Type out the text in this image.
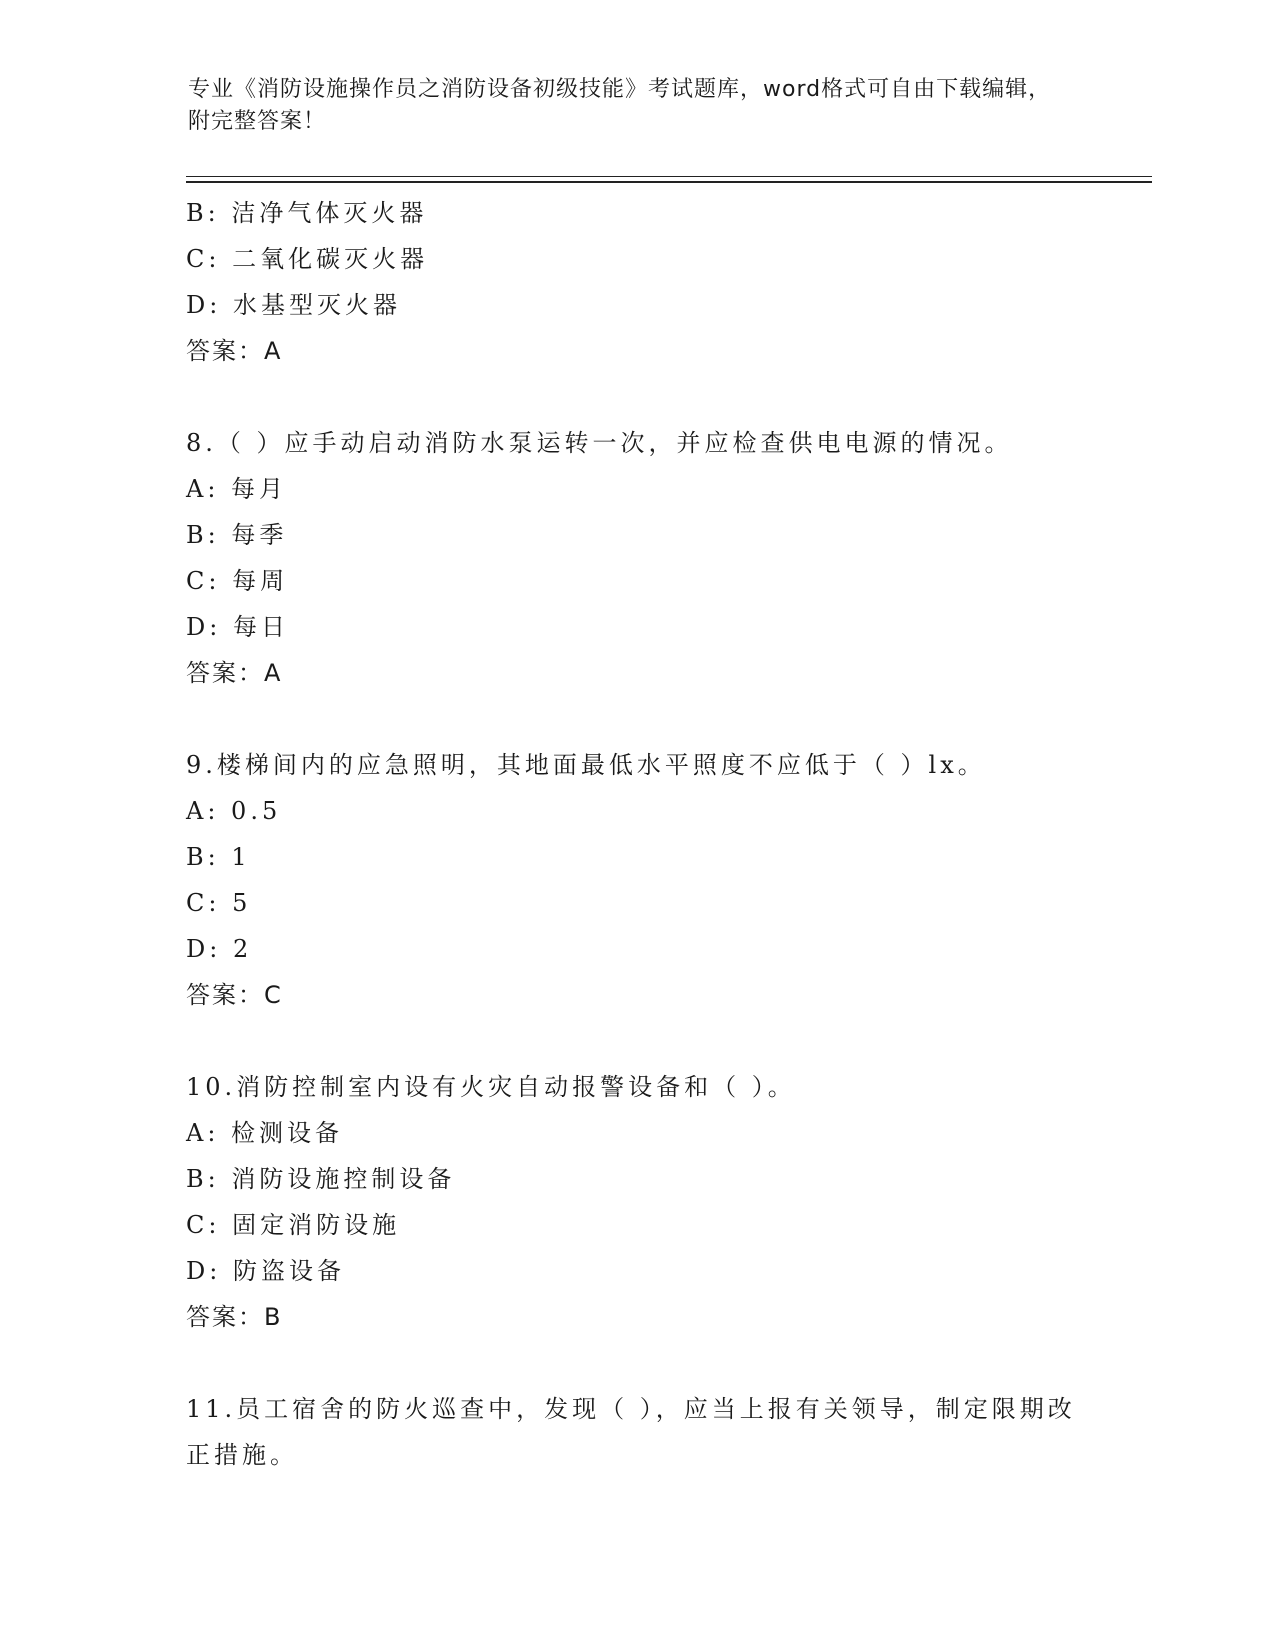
专业《消防设施操作员之消防设备初级技能》考试题库，word格式可自由下载编辑，附完整答案！
B: 洁净气体灭火器
C: 二氧化碳灭火器
D: 水基型灭火器
答案：A
8.（ ）应手动启动消防水泵运转一次，并应检查供电电源的情况。
A: 每月
B: 每季
C: 每周
D: 每日
答案：A
9.楼梯间内的应急照明，其地面最低水平照度不应低于（ ）lx。
A: 0.5
B: 1
C: 5
D: 2
答案：C
10.消防控制室内设有火灾自动报警设备和（ ）。
A: 检测设备
B: 消防设施控制设备
C: 固定消防设施
D: 防盗设备
答案：B
11.员工宿舍的防火巡查中，发现（ ），应当上报有关领导，制定限期改正措施。
